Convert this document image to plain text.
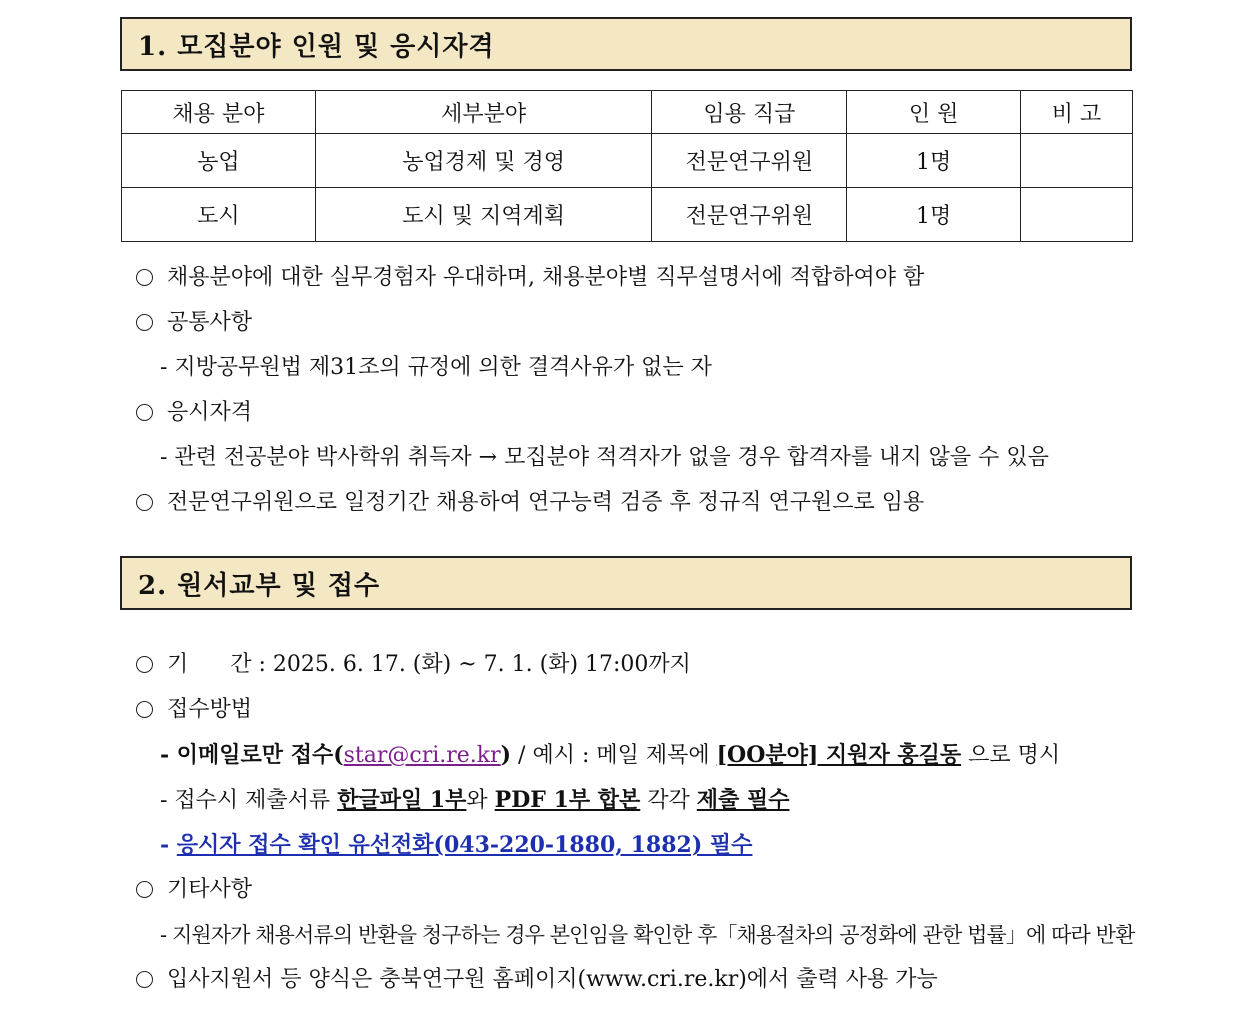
1. 모집분야 인원 및 응시자격
채용 분야	세부분야	임용 직급	인 원	비 고
농업	농업경제 및 경영	전문연구위원	1명	
도시	도시 및 지역계획	전문연구위원	1명	
채용분야에 대한 실무경험자 우대하며, 채용분야별 직무설명서에 적합하여야 함
공통사항
- 지방공무원법 제31조의 규정에 의한 결격사유가 없는 자
응시자격
- 관련 전공분야 박사학위 취득자 → 모집분야 적격자가 없을 경우 합격자를 내지 않을 수 있음
전문연구위원으로 일정기간 채용하여 연구능력 검증 후 정규직 연구원으로 임용
2. 원서교부 및 접수
기      간 : 2025. 6. 17. (화) ~ 7. 1. (화) 17:00까지
접수방법
- 이메일로만 접수(star@cri.re.kr) / 예시 : 메일 제목에 [OO분야] 지원자 홍길동 으로 명시
- 접수시 제출서류 한글파일 1부와 PDF 1부 합본 각각 제출 필수
- 응시자 접수 확인 유선전화(043-220-1880, 1882) 필수
기타사항
- 지원자가 채용서류의 반환을 청구하는 경우 본인임을 확인한 후「채용절차의 공정화에 관한 법률」에 따라 반환
입사지원서 등 양식은 충북연구원 홈페이지(www.cri.re.kr)에서 출력 사용 가능
